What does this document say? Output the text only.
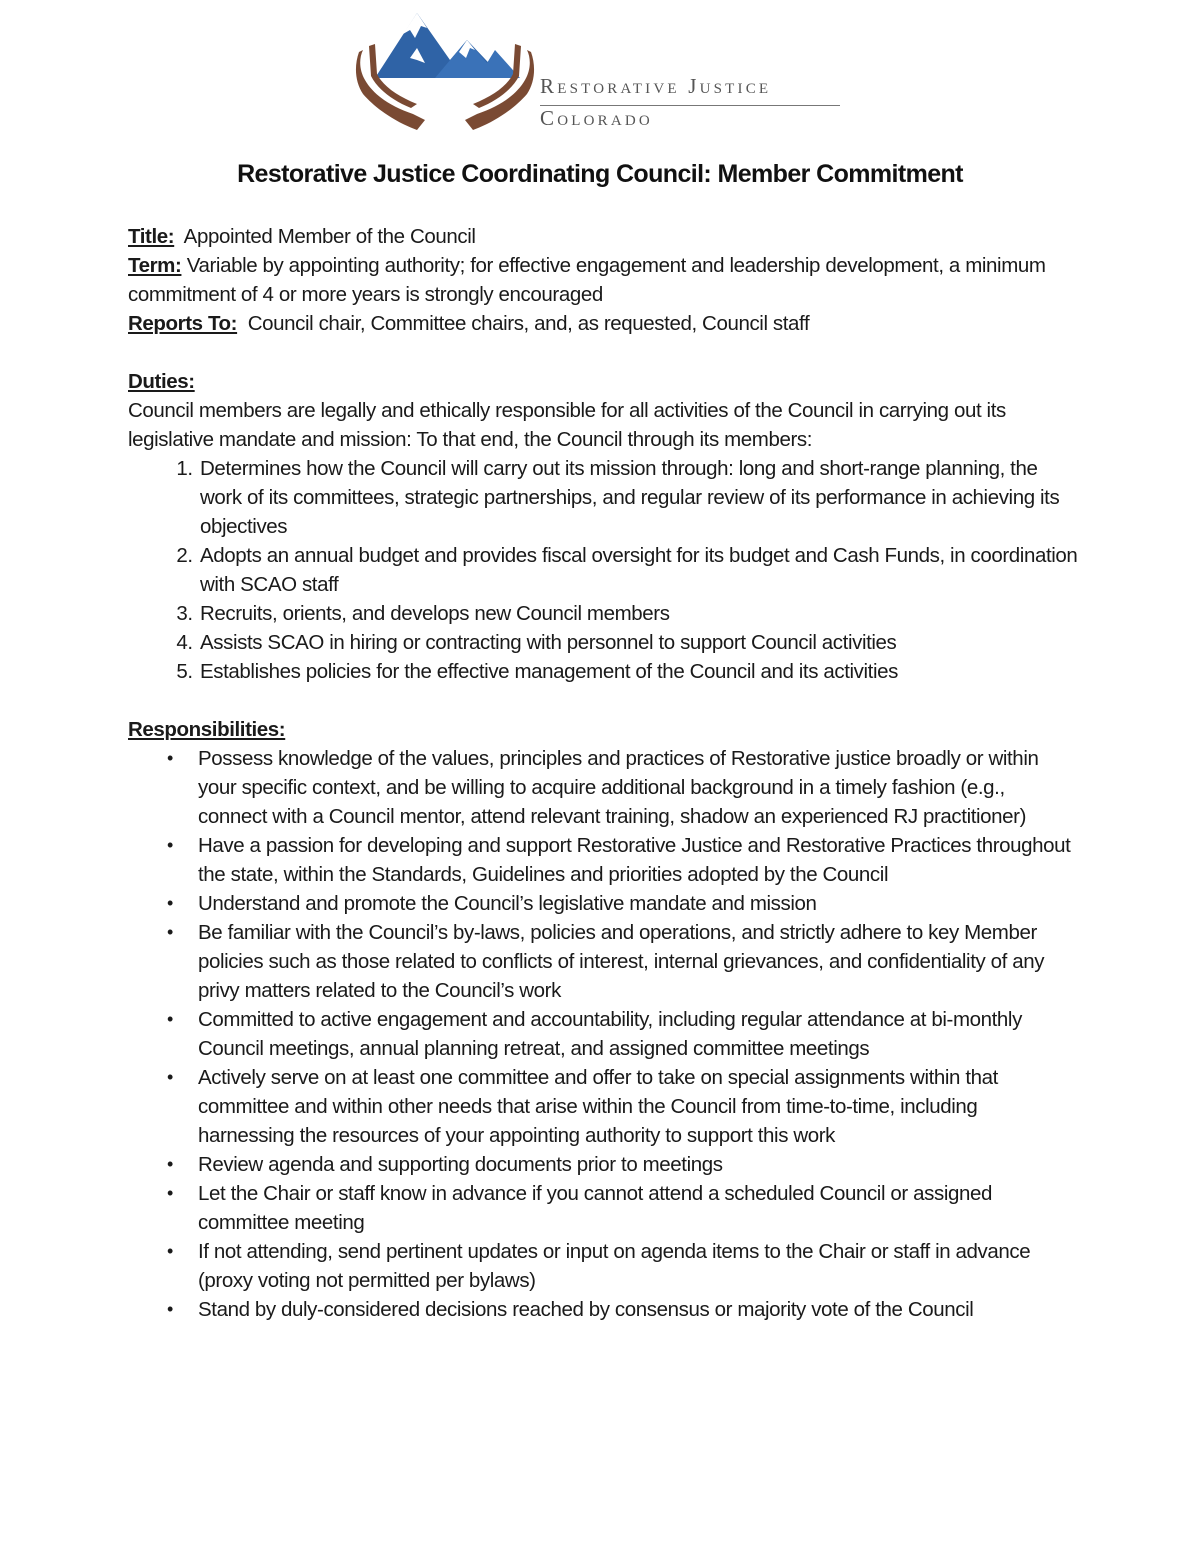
Restorative Justice
Colorado
Restorative Justice Coordinating Council: Member Commitment

Title: Appointed Member of the Council

Term: Variable by appointing authority; for effective engagement and leadership development, a minimum commitment of 4 or more years is strongly encouraged

Reports To: Council chair, Committee chairs, and, as requested, Council staff

Duties:

Council members are legally and ethically responsible for all activities of the Council in carrying out its legislative mandate and mission: To that end, the Council through its members:

1. Determines how the Council will carry out its mission through: long and short-range planning, the work of its committees, strategic partnerships, and regular review of its performance in achieving its objectives
2. Adopts an annual budget and provides fiscal oversight for its budget and Cash Funds, in coordination with SCAO staff
3. Recruits, orients, and develops new Council members
4. Assists SCAO in hiring or contracting with personnel to support Council activities
5. Establishes policies for the effective management of the Council and its activities

Responsibilities:

• Possess knowledge of the values, principles and practices of Restorative justice broadly or within your specific context, and be willing to acquire additional background in a timely fashion (e.g., connect with a Council mentor, attend relevant training, shadow an experienced RJ practitioner)
• Have a passion for developing and support Restorative Justice and Restorative Practices throughout the state, within the Standards, Guidelines and priorities adopted by the Council
• Understand and promote the Council’s legislative mandate and mission
• Be familiar with the Council’s by-laws, policies and operations, and strictly adhere to key Member policies such as those related to conflicts of interest, internal grievances, and confidentiality of any privy matters related to the Council’s work
• Committed to active engagement and accountability, including regular attendance at bi-monthly Council meetings, annual planning retreat, and assigned committee meetings
• Actively serve on at least one committee and offer to take on special assignments within that committee and within other needs that arise within the Council from time-to-time, including harnessing the resources of your appointing authority to support this work
• Review agenda and supporting documents prior to meetings
• Let the Chair or staff know in advance if you cannot attend a scheduled Council or assigned committee meeting
• If not attending, send pertinent updates or input on agenda items to the Chair or staff in advance (proxy voting not permitted per bylaws)
• Stand by duly-considered decisions reached by consensus or majority vote of the Council
